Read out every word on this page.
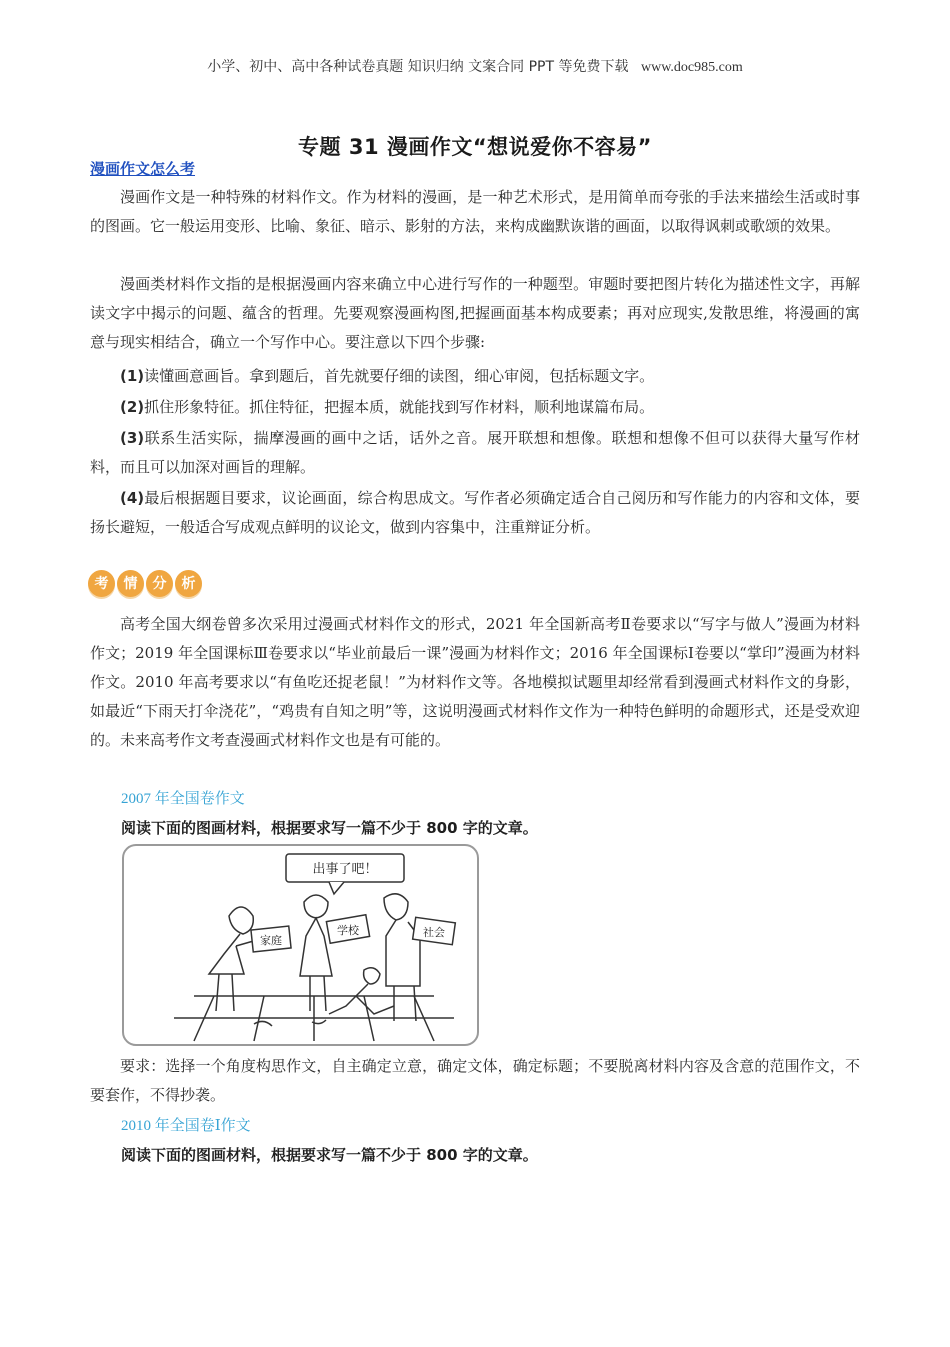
小学、初中、高中各种试卷真题 知识归纳 文案合同 PPT 等免费下载 www.doc985.com
专题 31 漫画作文“想说爱你不容易”
漫画作文怎么考
漫画作文是一种特殊的材料作文。作为材料的漫画，是一种艺术形式，是用简单而夸张的手法来描绘生活或时事的图画。它一般运用变形、比喻、象征、暗示、影射的方法，来构成幽默诙谐的画面，以取得讽刺或歌颂的效果。
漫画类材料作文指的是根据漫画内容来确立中心进行写作的一种题型。审题时要把图片转化为描述性文字，再解读文字中揭示的问题、蕴含的哲理。先要观察漫画构图,把握画面基本构成要素；再对应现实,发散思维，将漫画的寓意与现实相结合，确立一个写作中心。要注意以下四个步骤:
(1)读懂画意画旨。拿到题后，首先就要仔细的读图，细心审阅，包括标题文字。
(2)抓住形象特征。抓住特征，把握本质，就能找到写作材料，顺利地谋篇布局。
(3)联系生活实际，揣摩漫画的画中之话，话外之音。展开联想和想像。联想和想像不但可以获得大量写作材料，而且可以加深对画旨的理解。
(4)最后根据题目要求，议论画面，综合构思成文。写作者必须确定适合自己阅历和写作能力的内容和文体，要扬长避短，一般适合写成观点鲜明的议论文，做到内容集中，注重辩证分析。
考	情	分	析
高考全国大纲卷曾多次采用过漫画式材料作文的形式，2021 年全国新高考Ⅱ卷要求以“写字与做人”漫画为材料作文；2019 年全国课标Ⅲ卷要求以“毕业前最后一课”漫画为材料作文；2016 年全国课标Ⅰ卷要以“掌印”漫画为材料作文。2010 年高考要求以“有鱼吃还捉老鼠！”为材料作文等。各地模拟试题里却经常看到漫画式材料作文的身影，如最近“下雨天打伞浇花”，“鸡贵有自知之明”等，这说明漫画式材料作文作为一种特色鲜明的命题形式，还是受欢迎的。未来高考作文考查漫画式材料作文也是有可能的。
2007 年全国卷作文
阅读下面的图画材料，根据要求写一篇不少于 800 字的文章。
出事了吧！
家庭
学校	社会
要求：选择一个角度构思作文，自主确定立意，确定文体，确定标题；不要脱离材料内容及含意的范围作文，不要套作，不得抄袭。
2010 年全国卷Ⅰ作文
阅读下面的图画材料，根据要求写一篇不少于 800 字的文章。
